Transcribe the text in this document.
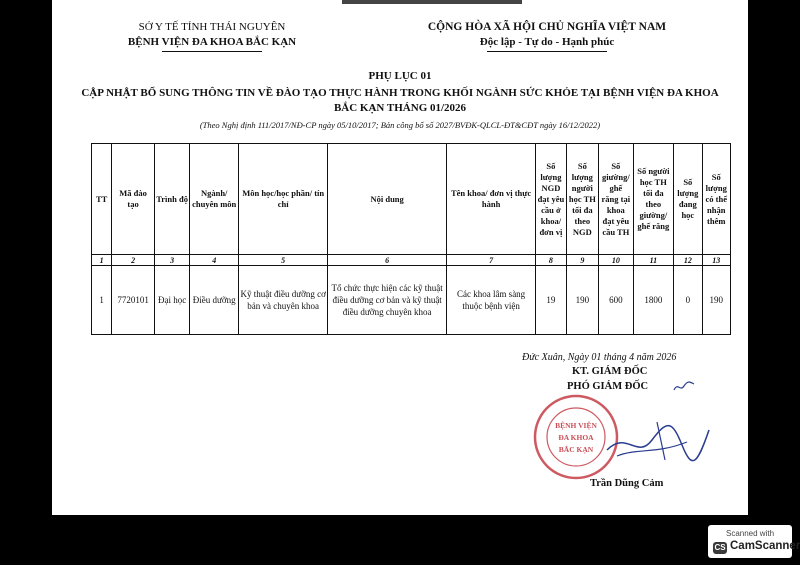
SỞ Y TẾ TỈNH THÁI NGUYÊN
BỆNH VIỆN ĐA KHOA BẮC KẠN
CỘNG HÒA XÃ HỘI CHỦ NGHĨA VIỆT NAM
Độc lập - Tự do - Hạnh phúc
PHỤ LỤC 01
CẬP NHẬT BỔ SUNG THÔNG TIN VỀ ĐÀO TẠO THỰC HÀNH TRONG KHỐI NGÀNH SỨC KHỎE TẠI BỆNH VIỆN ĐA KHOA BẮC KẠN THÁNG 01/2026
(Theo Nghị định 111/2017/NĐ-CP ngày 05/10/2017; Bản công bố số 2027/BVĐK-QLCL-ĐT&CĐT ngày 16/12/2022)
TT	Mã đào tạo	Trình độ	Ngành/ chuyên môn	Môn học/học phần/ tín chỉ	Nội dung	Tên khoa/ đơn vị thực hành	Số lượng NGD đạt yêu cầu ở khoa/ đơn vị	Số lượng người học TH tối đa theo NGD	Số giường/ ghế răng tại khoa đạt yêu cầu TH	Số người học TH tối đa theo giường/ ghế răng	Số lượng đang học	Số lượng có thể nhận thêm
1	2	3	4	5	6	7	8	9	10	11	12	13
1	7720101	Đại học	Điều dưỡng	Kỹ thuật điều dưỡng cơ bản và chuyên khoa	Tổ chức thực hiện các kỹ thuật điều dưỡng cơ bản và kỹ thuật điều dưỡng chuyên khoa	Các khoa lâm sàng thuộc bệnh viện	19	190	600	1800	0	190
Đức Xuân, Ngày 01 tháng 4 năm 2026
KT. GIÁM ĐỐC
PHÓ GIÁM ĐỐC
BỆNH VIỆN
ĐA KHOA
BẮC KẠN
Trần Dũng Cảm
Scanned with
CS CamScanner
